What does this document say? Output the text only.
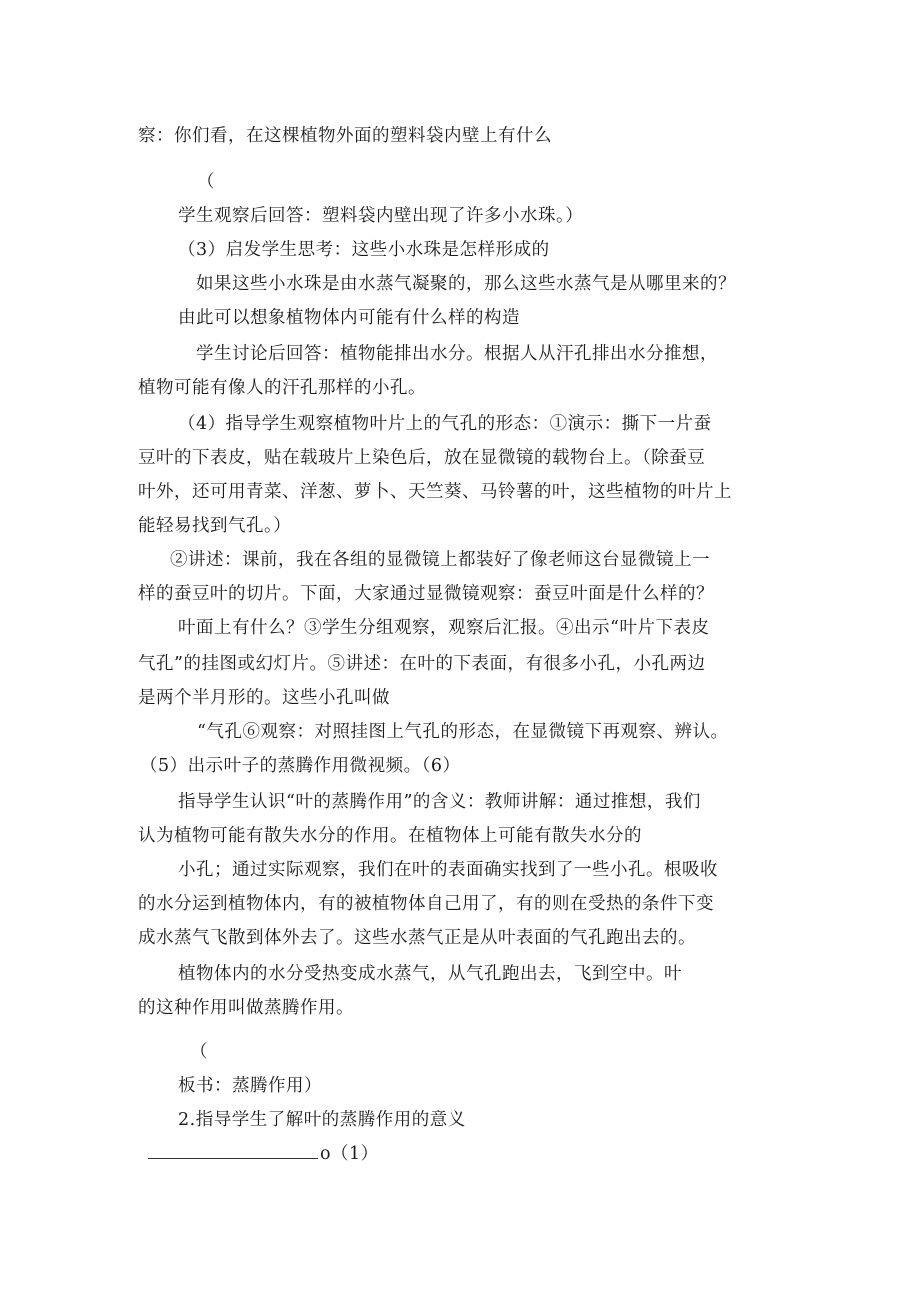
察：你们看，在这棵植物外面的塑料袋内壁上有什么
（
学生观察后回答：塑料袋内壁出现了许多小水珠。）
（3）启发学生思考：这些小水珠是怎样形成的
如果这些小水珠是由水蒸气凝聚的，那么这些水蒸气是从哪里来的？
由此可以想象植物体内可能有什么样的构造
学生讨论后回答：植物能排出水分。根据人从汗孔排出水分推想，
植物可能有像人的汗孔那样的小孔。
（4）指导学生观察植物叶片上的气孔的形态：①演示：撕下一片蚕
豆叶的下表皮，贴在载玻片上染色后，放在显微镜的载物台上。（除蚕豆
叶外，还可用青菜、洋葱、萝卜、天竺葵、马铃薯的叶，这些植物的叶片上
能轻易找到气孔。）
②讲述：课前，我在各组的显微镜上都装好了像老师这台显微镜上一
样的蚕豆叶的切片。下面，大家通过显微镜观察：蚕豆叶面是什么样的？
叶面上有什么？③学生分组观察，观察后汇报。④出示“叶片下表皮
气孔”的挂图或幻灯片。⑤讲述：在叶的下表面，有很多小孔，小孔两边
是两个半月形的。这些小孔叫做
“气孔⑥观察：对照挂图上气孔的形态，在显微镜下再观察、辨认。
（5）出示叶子的蒸腾作用微视频。（6）
指导学生认识“叶的蒸腾作用”的含义：教师讲解：通过推想，我们
认为植物可能有散失水分的作用。在植物体上可能有散失水分的
小孔；通过实际观察，我们在叶的表面确实找到了一些小孔。根吸收
的水分运到植物体内，有的被植物体自己用了，有的则在受热的条件下变
成水蒸气飞散到体外去了。这些水蒸气正是从叶表面的气孔跑出去的。
植物体内的水分受热变成水蒸气，从气孔跑出去，飞到空中。叶
的这种作用叫做蒸腾作用。
（
板书：蒸腾作用）
2.指导学生了解叶的蒸腾作用的意义
o（1）
